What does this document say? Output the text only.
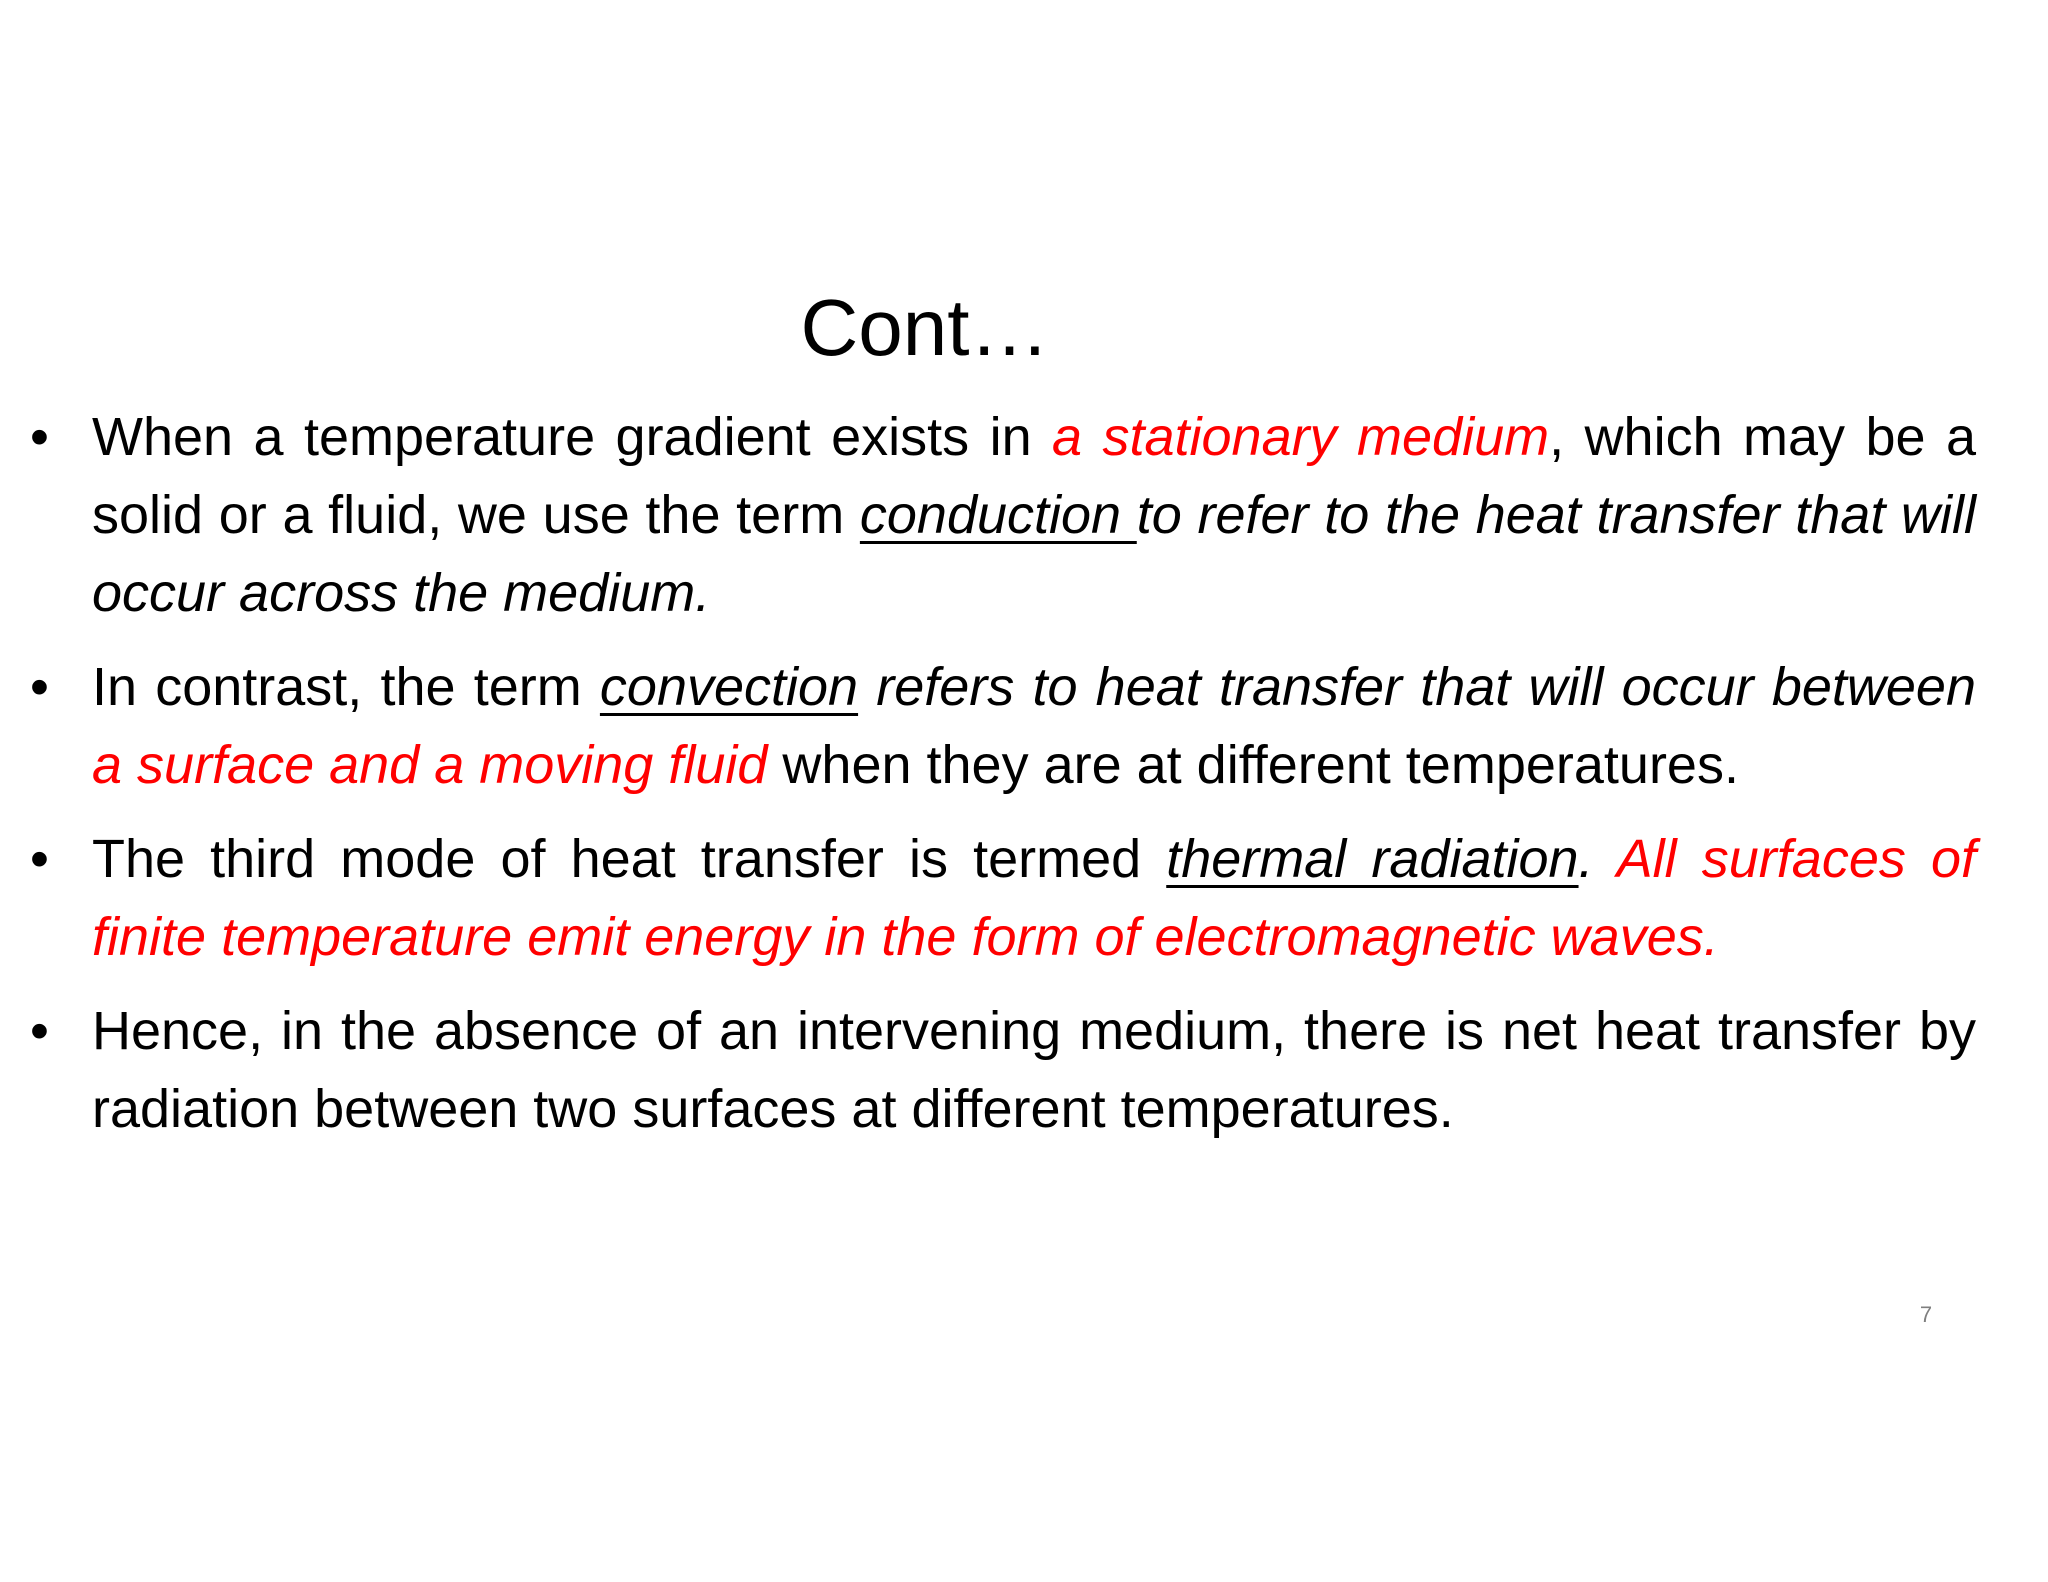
Cont…
• When a temperature gradient exists in a stationary medium, which may be a solid or a fluid, we use the term conduction to refer to the heat transfer that will occur across the medium.
• In contrast, the term convection refers to heat transfer that will occur between a surface and a moving fluid when they are at different temperatures.
• The third mode of heat transfer is termed thermal radiation. All surfaces of finite temperature emit energy in the form of electromagnetic waves.
• Hence, in the absence of an intervening medium, there is net heat transfer by radiation between two surfaces at different temperatures.
7
